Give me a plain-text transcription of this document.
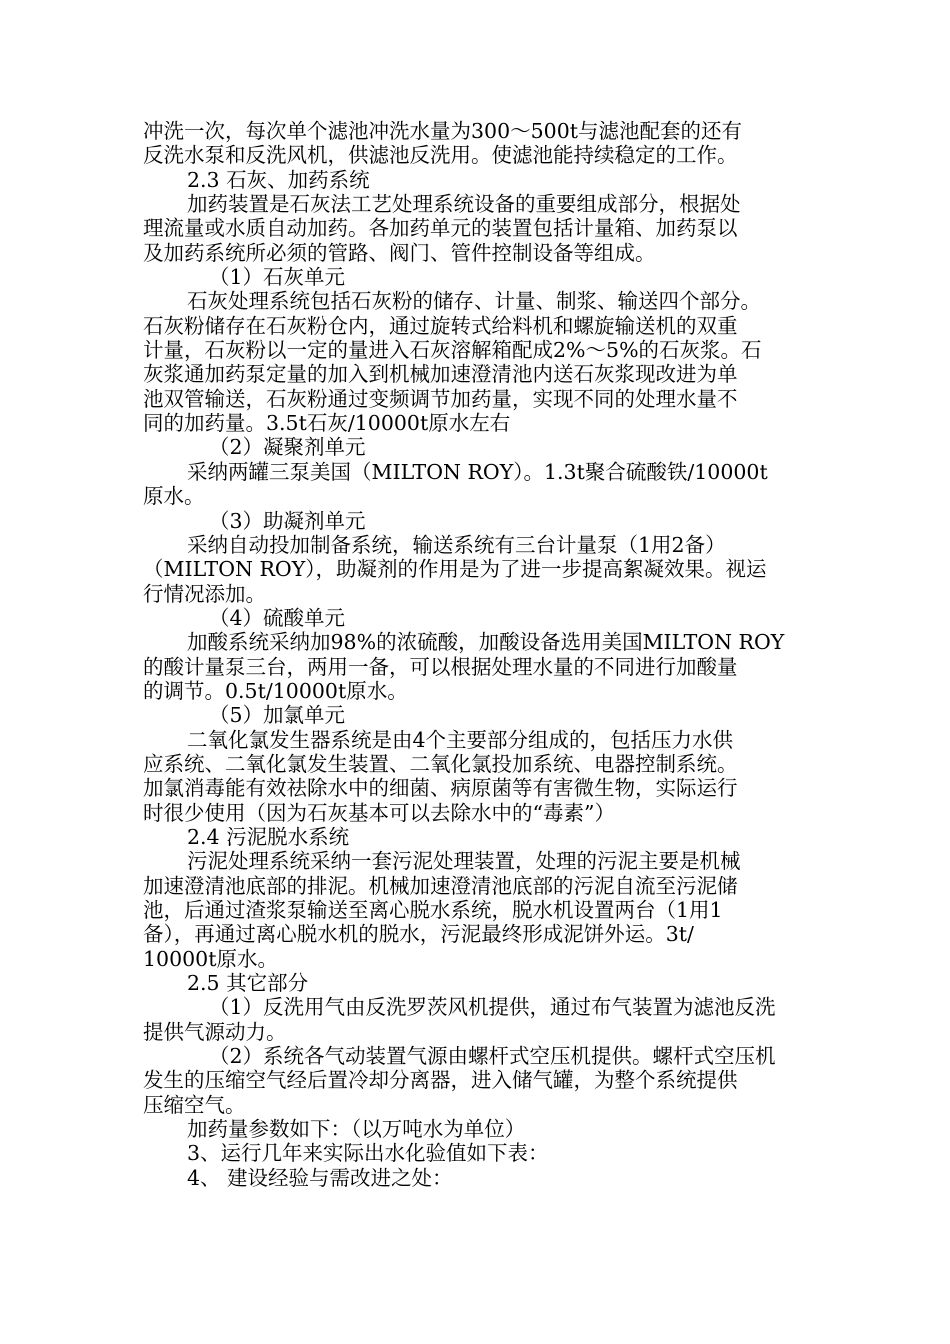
冲洗一次，每次单个滤池冲洗水量为300～500t与滤池配套的还有
反洗水泵和反洗风机，供滤池反洗用。使滤池能持续稳定的工作。
2.3 石灰、加药系统
加药装置是石灰法工艺处理系统设备的重要组成部分，根据处
理流量或水质自动加药。各加药单元的装置包括计量箱、加药泵以
及加药系统所必须的管路、阀门、管件控制设备等组成。
（1）石灰单元
石灰处理系统包括石灰粉的储存、计量、制浆、输送四个部分。
石灰粉储存在石灰粉仓内，通过旋转式给料机和螺旋输送机的双重
计量，石灰粉以一定的量进入石灰溶解箱配成2%～5%的石灰浆。石
灰浆通加药泵定量的加入到机械加速澄清池内送石灰浆现改进为单
池双管输送，石灰粉通过变频调节加药量，实现不同的处理水量不
同的加药量。3.5t石灰/10000t原水左右
（2）凝聚剂单元
采纳两罐三泵美国（MILTON ROY）。1.3t聚合硫酸铁/10000t
原水。
（3）助凝剂单元
采纳自动投加制备系统，输送系统有三台计量泵（1用2备）
（MILTON ROY），助凝剂的作用是为了进一步提高絮凝效果。视运
行情况添加。
（4）硫酸单元
加酸系统采纳加98%的浓硫酸，加酸设备选用美国MILTON ROY
的酸计量泵三台，两用一备，可以根据处理水量的不同进行加酸量
的调节。0.5t/10000t原水。
（5）加氯单元
二氧化氯发生器系统是由4个主要部分组成的，包括压力水供
应系统、二氧化氯发生装置、二氧化氯投加系统、电器控制系统。
加氯消毒能有效祛除水中的细菌、病原菌等有害微生物，实际运行
时很少使用（因为石灰基本可以去除水中的“毒素”）
2.4 污泥脱水系统
污泥处理系统采纳一套污泥处理装置，处理的污泥主要是机械
加速澄清池底部的排泥。机械加速澄清池底部的污泥自流至污泥储
池，后通过渣浆泵输送至离心脱水系统，脱水机设置两台（1用1
备），再通过离心脱水机的脱水，污泥最终形成泥饼外运。3t/
10000t原水。
2.5 其它部分
（1）反洗用气由反洗罗茨风机提供，通过布气装置为滤池反洗
提供气源动力。
（2）系统各气动装置气源由螺杆式空压机提供。螺杆式空压机
发生的压缩空气经后置冷却分离器，进入储气罐，为整个系统提供
压缩空气。
加药量参数如下：（以万吨水为单位）
3、运行几年来实际出水化验值如下表：
4、 建设经验与需改进之处：
